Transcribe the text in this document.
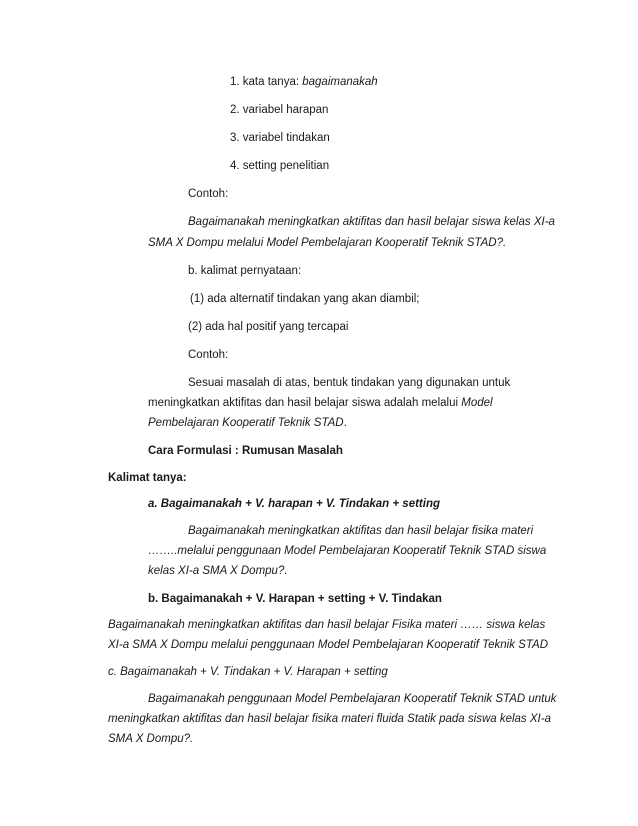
1. kata tanya: bagaimanakah
2. variabel harapan
3. variabel tindakan
4. setting penelitian
Contoh:
Bagaimanakah meningkatkan aktifitas dan hasil belajar siswa kelas XI-a
SMA X Dompu melalui Model Pembelajaran Kooperatif Teknik STAD?.
b. kalimat pernyataan:
(1) ada alternatif tindakan yang akan diambil;
(2) ada hal positif yang tercapai
Contoh:
Sesuai masalah di atas, bentuk tindakan yang digunakan untuk
meningkatkan aktifitas dan hasil belajar siswa adalah melalui Model
Pembelajaran Kooperatif Teknik STAD.
Cara Formulasi : Rumusan Masalah
Kalimat tanya:
a. Bagaimanakah + V. harapan + V. Tindakan + setting
Bagaimanakah meningkatkan aktifitas dan hasil belajar fisika materi
……..melalui penggunaan Model Pembelajaran Kooperatif Teknik STAD siswa
kelas XI-a SMA X Dompu?.
b. Bagaimanakah + V. Harapan + setting + V. Tindakan
Bagaimanakah meningkatkan aktifitas dan hasil belajar Fisika materi …… siswa kelas
XI-a SMA X Dompu melalui penggunaan Model Pembelajaran Kooperatif Teknik STAD
c. Bagaimanakah + V. Tindakan + V. Harapan + setting
Bagaimanakah penggunaan Model Pembelajaran Kooperatif Teknik STAD untuk
meningkatkan aktifitas dan hasil belajar fisika materi fluida Statik pada siswa kelas XI-a
SMA X Dompu?.
